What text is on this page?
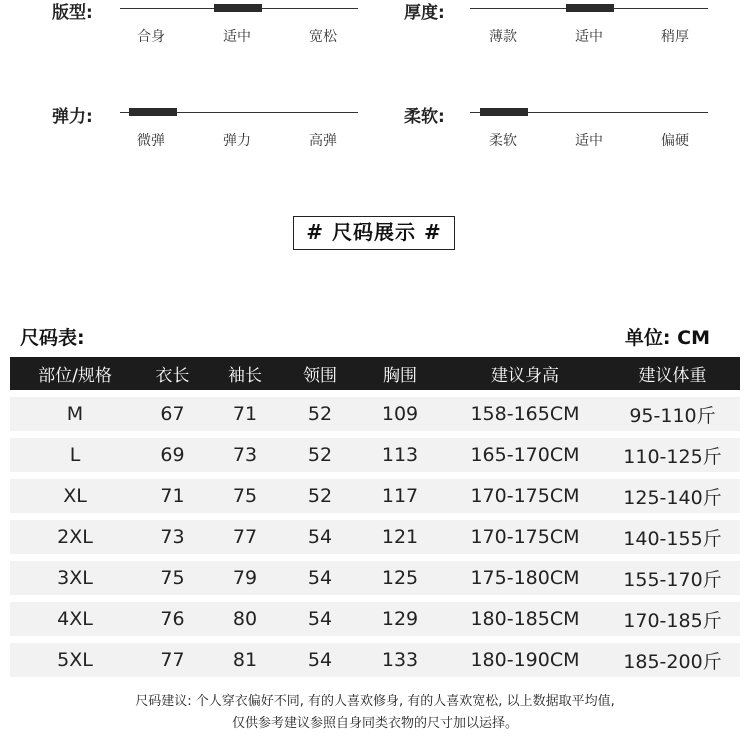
版型:
合身	适中	宽松
厚度:
薄款	适中	稍厚
弹力:
微弹	弹力	高弹
柔软:
柔软	适中	偏硬
# 尺码展示 #
尺码表:	单位: CM
部位/规格	衣长	袖长	领围	胸围	建议身高	建议体重
M	67	71	52	109	158-165CM	95-110斤
L	69	73	52	113	165-170CM	110-125斤
XL	71	75	52	117	170-175CM	125-140斤
2XL	73	77	54	121	170-175CM	140-155斤
3XL	75	79	54	125	175-180CM	155-170斤
4XL	76	80	54	129	180-185CM	170-185斤
5XL	77	81	54	133	180-190CM	185-200斤
尺码建议: 个人穿衣偏好不同, 有的人喜欢修身, 有的人喜欢宽松, 以上数据取平均值,
仅供参考建议参照自身同类衣物的尺寸加以运择。
